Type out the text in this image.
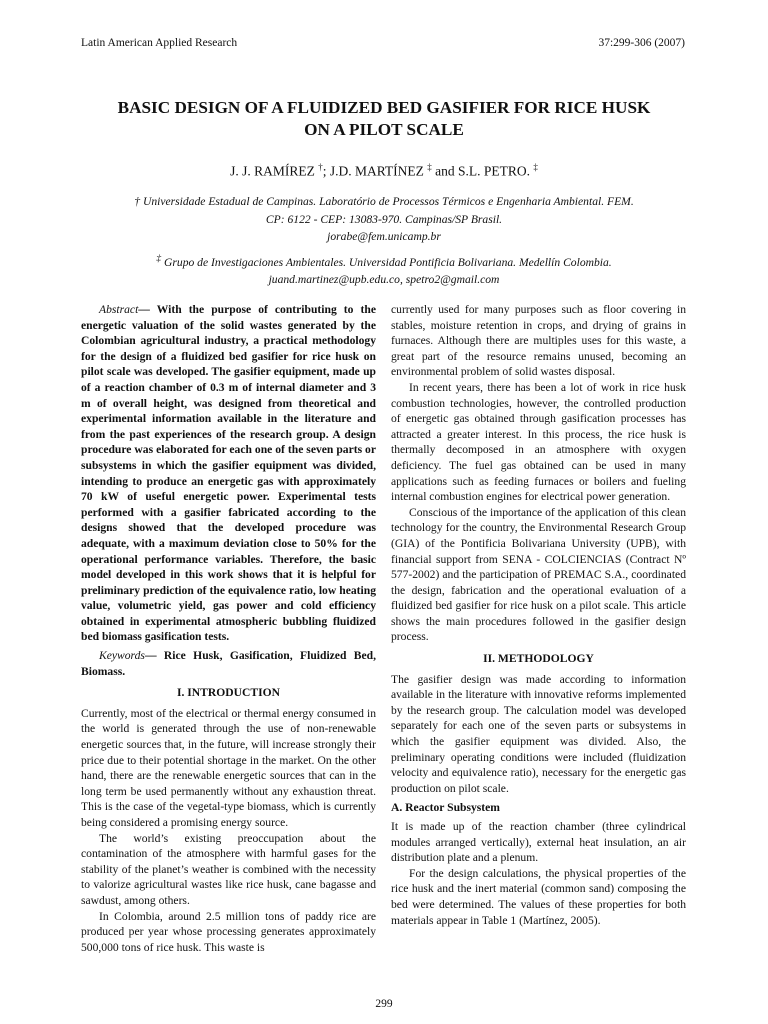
Latin American Applied Research	37:299-306 (2007)
BASIC DESIGN OF A FLUIDIZED BED GASIFIER FOR RICE HUSK
ON A PILOT SCALE
J. J. RAMÍREZ †; J.D. MARTÍNEZ ‡ and S.L. PETRO. ‡
† Universidade Estadual de Campinas. Laboratório de Processos Térmicos e Engenharia Ambiental. FEM.
CP: 6122 - CEP: 13083-970. Campinas/SP Brasil.
jorabe@fem.unicamp.br
‡ Grupo de Investigaciones Ambientales. Universidad Pontificia Bolivariana. Medellín Colombia.
juand.martinez@upb.edu.co, spetro2@gmail.com

Abstract— With the purpose of contributing to the energetic valuation of the solid wastes generated by the Colombian agricultural industry, a practical methodology for the design of a fluidized bed gasifier for rice husk on pilot scale was developed. The gasifier equipment, made up of a reaction chamber of 0.3 m of internal diameter and 3 m of overall height, was designed from theoretical and experimental information available in the literature and from the past experiences of the research group. A design procedure was elaborated for each one of the seven parts or subsystems in which the gasifier equipment was divided, intending to produce an energetic gas with approximately 70 kW of useful energetic power. Experimental tests performed with a gasifier fabricated according to the designs showed that the developed procedure was adequate, with a maximum deviation close to 50% for the operational performance variables. Therefore, the basic model developed in this work shows that it is helpful for preliminary prediction of the equivalence ratio, low heating value, volumetric yield, gas power and cold efficiency obtained in experimental atmospheric bubbling fluidized bed biomass gasification tests.

Keywords— Rice Husk, Gasification, Fluidized Bed, Biomass.

I. INTRODUCTION

Currently, most of the electrical or thermal energy consumed in the world is generated through the use of non-renewable energetic sources that, in the future, will increase strongly their price due to their potential shortage in the market. On the other hand, there are the renewable energetic sources that can in the long term be used permanently without any exhaustion threat. This is the case of the vegetal-type biomass, which is currently being considered a promising energy source.

The world’s existing preoccupation about the contamination of the atmosphere with harmful gases for the stability of the planet’s weather is combined with the necessity to valorize agricultural wastes like rice husk, cane bagasse and sawdust, among others.

In Colombia, around 2.5 million tons of paddy rice are produced per year whose processing generates approximately 500,000 tons of rice husk. This waste is

currently used for many purposes such as floor covering in stables, moisture retention in crops, and drying of grains in furnaces. Although there are multiples uses for this waste, a great part of the resource remains unused, becoming an environmental problem of solid wastes disposal.

In recent years, there has been a lot of work in rice husk combustion technologies, however, the controlled production of energetic gas obtained through gasification processes has attracted a greater interest. In this process, the rice husk is thermally decomposed in an atmosphere with oxygen deficiency. The fuel gas obtained can be used in many applications such as feeding furnaces or boilers and fueling internal combustion engines for electrical power generation.

Conscious of the importance of the application of this clean technology for the country, the Environmental Research Group (GIA) of the Pontificia Bolivariana University (UPB), with financial support from SENA - COLCIENCIAS (Contract Nº 577-2002) and the participation of PREMAC S.A., coordinated the design, fabrication and the operational evaluation of a fluidized bed gasifier for rice husk on a pilot scale. This article shows the main procedures followed in the gasifier design process.

II. METHODOLOGY

The gasifier design was made according to information available in the literature with innovative reforms implemented by the research group. The calculation model was developed separately for each one of the seven parts or subsystems in which the gasifier equipment was divided. Also, the preliminary operating conditions were included (fluidization velocity and equivalence ratio), necessary for the energetic gas production on pilot scale.

A. Reactor Subsystem

It is made up of the reaction chamber (three cylindrical modules arranged vertically), external heat insulation, an air distribution plate and a plenum.

For the design calculations, the physical properties of the rice husk and the inert material (common sand) composing the bed were determined. The values of these properties for both materials appear in Table 1 (Martínez, 2005).

299
